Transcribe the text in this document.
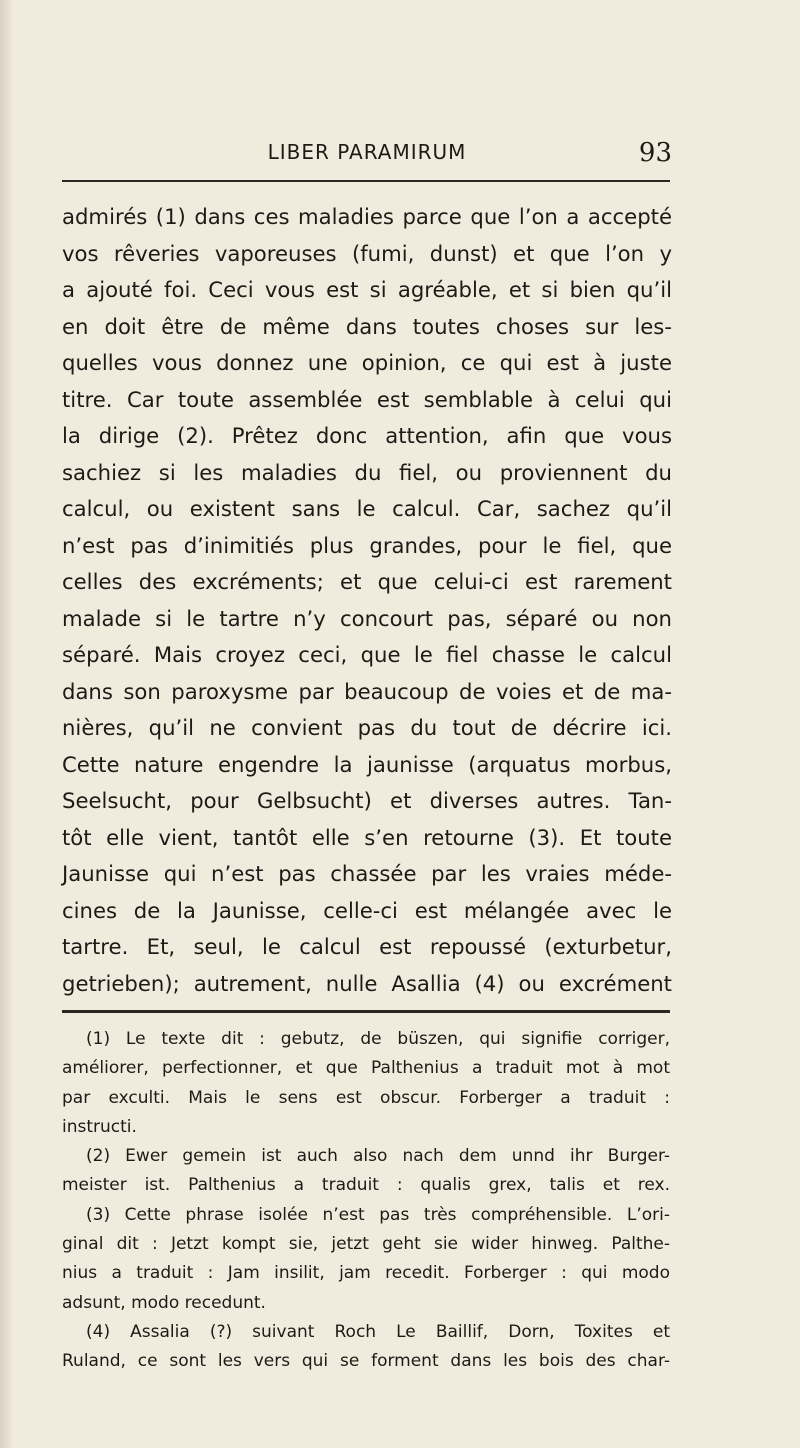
LIBER PARAMIRUM	93
admirés (1) dans ces maladies parce que l’on a accepté
vos rêveries vaporeuses (fumi, dunst) et que l’on y
a ajouté foi. Ceci vous est si agréable, et si bien qu’il
en doit être de même dans toutes choses sur les-
quelles vous donnez une opinion, ce qui est à juste
titre. Car toute assemblée est semblable à celui qui
la dirige (2). Prêtez donc attention, afin que vous
sachiez si les maladies du fiel, ou proviennent du
calcul, ou existent sans le calcul. Car, sachez qu’il
n’est pas d’inimitiés plus grandes, pour le fiel, que
celles des excréments; et que celui-ci est rarement
malade si le tartre n’y concourt pas, séparé ou non
séparé. Mais croyez ceci, que le fiel chasse le calcul
dans son paroxysme par beaucoup de voies et de ma-
nières, qu’il ne convient pas du tout de décrire ici.
Cette nature engendre la jaunisse (arquatus morbus,
Seelsucht, pour Gelbsucht) et diverses autres. Tan-
tôt elle vient, tantôt elle s’en retourne (3). Et toute
Jaunisse qui n’est pas chassée par les vraies méde-
cines de la Jaunisse, celle-ci est mélangée avec le
tartre. Et, seul, le calcul est repoussé (exturbetur,
getrieben); autrement, nulle Asallia (4) ou excrément
(1) Le texte dit : gebutz, de büszen, qui signifie corriger,
améliorer, perfectionner, et que Palthenius a traduit mot à mot
par exculti. Mais le sens est obscur. Forberger a traduit :
instructi.
(2) Ewer gemein ist auch also nach dem unnd ihr Burger-
meister ist. Palthenius a traduit : qualis grex, talis et rex.
(3) Cette phrase isolée n’est pas très compréhensible. L’ori-
ginal dit : Jetzt kompt sie, jetzt geht sie wider hinweg. Palthe-
nius a traduit : Jam insilit, jam recedit. Forberger : qui modo
adsunt, modo recedunt.
(4) Assalia (?) suivant Roch Le Baillif, Dorn, Toxites et
Ruland, ce sont les vers qui se forment dans les bois des char-
